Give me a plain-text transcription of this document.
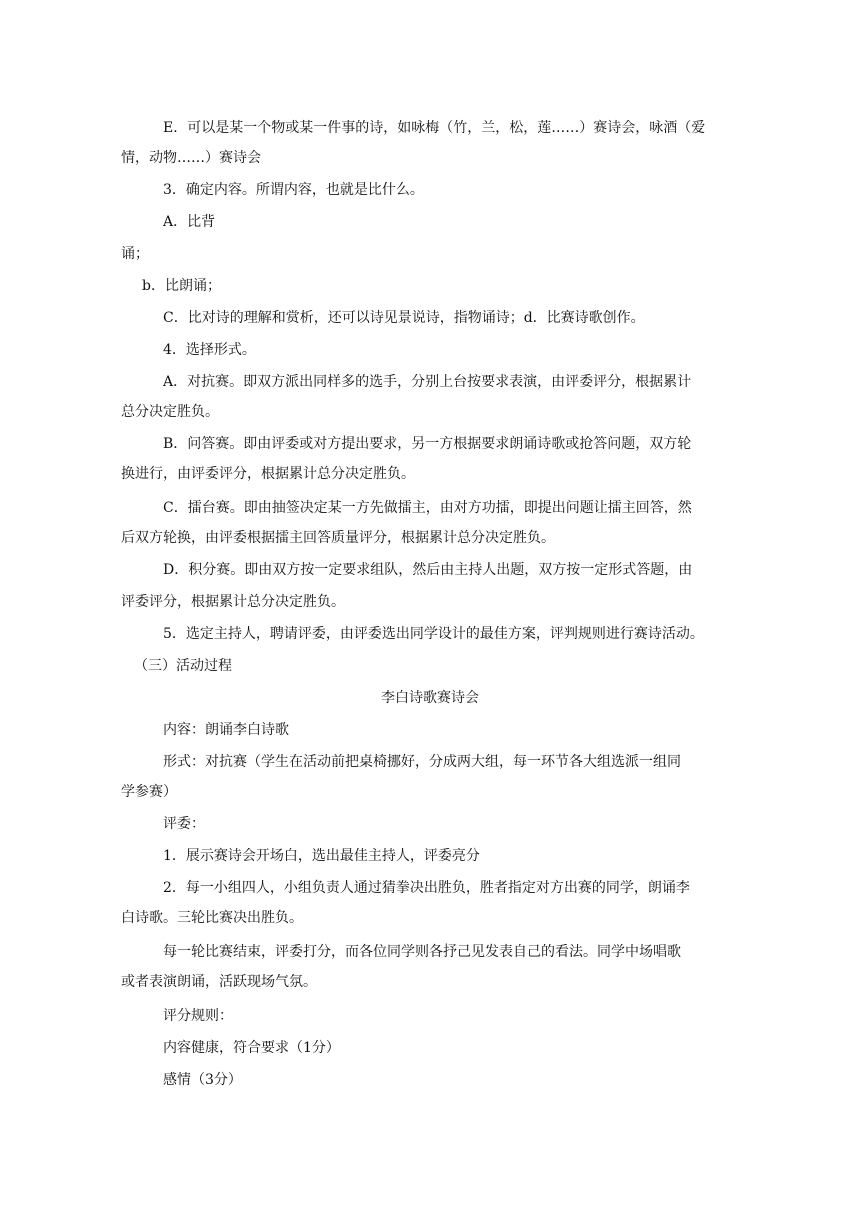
E．可以是某一个物或某一件事的诗，如咏梅（竹，兰，松，莲……）赛诗会，咏酒（爱

情，动物……）赛诗会

3．确定内容。所谓内容，也就是比什么。

A．比背

诵；

b．比朗诵；

C．比对诗的理解和赏析，还可以诗见景说诗，指物诵诗；d．比赛诗歌创作。

4．选择形式。

A．对抗赛。即双方派出同样多的选手，分别上台按要求表演，由评委评分，根据累计

总分决定胜负。

B．问答赛。即由评委或对方提出要求，另一方根据要求朗诵诗歌或抢答问题，双方轮

换进行，由评委评分，根据累计总分决定胜负。

C．擂台赛。即由抽签决定某一方先做擂主，由对方功擂，即提出问题让擂主回答，然

后双方轮换，由评委根据擂主回答质量评分，根据累计总分决定胜负。

D．积分赛。即由双方按一定要求组队，然后由主持人出题，双方按一定形式答题，由

评委评分，根据累计总分决定胜负。

5．选定主持人，聘请评委，由评委选出同学设计的最佳方案，评判规则进行赛诗活动。

（三）活动过程

李白诗歌赛诗会

内容：朗诵李白诗歌

形式：对抗赛（学生在活动前把桌椅挪好，分成两大组，每一环节各大组选派一组同

学参赛）

评委：

1．展示赛诗会开场白，选出最佳主持人，评委亮分

2．每一小组四人，小组负责人通过猜拳决出胜负，胜者指定对方出赛的同学，朗诵李

白诗歌。三轮比赛决出胜负。

每一轮比赛结束，评委打分，而各位同学则各抒己见发表自己的看法。同学中场唱歌

或者表演朗诵，活跃现场气氛。

评分规则：

内容健康，符合要求（1分）

感情（3分）
